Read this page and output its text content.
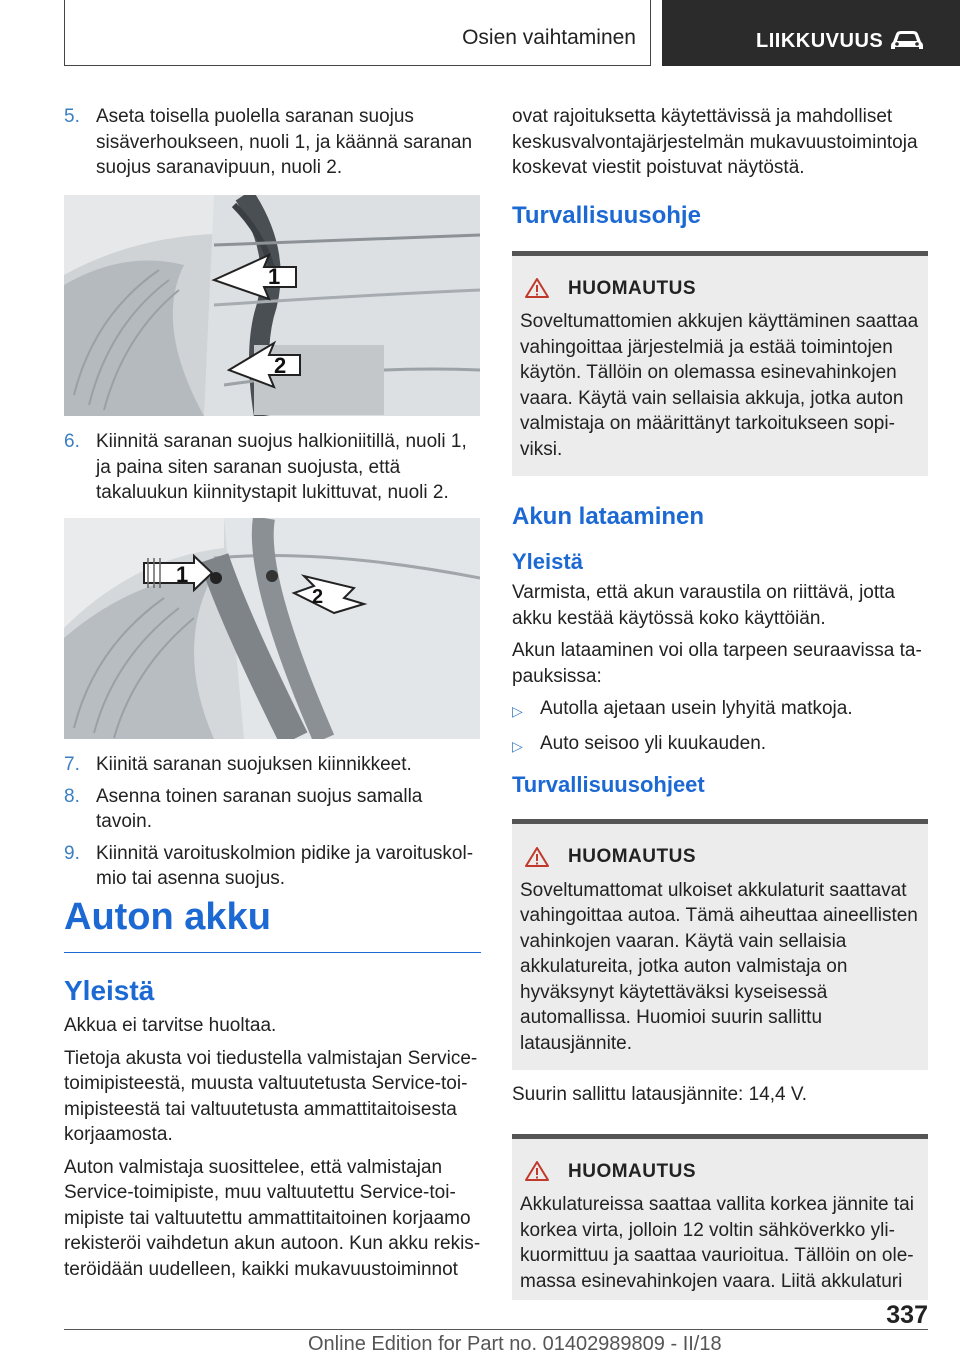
Osien vaihtaminen	LIIKKUVUUS
5. Aseta toisella puolella saranan suojus sisäverhoukseen, nuoli 1, ja käännä saranan suojus saranavipuun, nuoli 2.
1
2
6. Kiinnitä saranan suojus halkioniitillä, nuoli 1, ja paina siten saranan suojusta, että takaluukun kiinnitystapit lukittuvat, nuoli 2.
1
2
7. Kiinitä saranan suojuksen kiinnikkeet.
8. Asenna toinen saranan suojus samalla tavoin.
9. Kiinnitä varoituskolmion pidike ja varoituskolmio tai asenna suojus.
Auton akku
Yleistä

Akkua ei tarvitse huoltaa.

Tietoja akusta voi tiedustella valmistajan Service-toimipisteestä, muusta valtuutetusta Service-toimipisteestä tai valtuutetusta ammattitaitoisesta korjaamosta.

Auton valmistaja suosittelee, että valmistajan Service-toimipiste, muu valtuutettu Service-toimipiste tai valtuutettu ammattitaitoinen korjaamo rekisteröi vaihdetun akun autoon. Kun akku rekisteröidään uudelleen, kaikki mukavuustoiminnot

ovat rajoituksetta käytettävissä ja mahdolliset keskusvalvontajärjestelmän mukavuustoimintoja koskevat viestit poistuvat näytöstä.

Turvallisuusohje
HUOMAUTUS

Soveltumattomien akkujen käyttäminen saattaa vahingoittaa järjestelmiä ja estää toimintojen käytön. Tällöin on olemassa esinevahinkojen vaara. Käytä vain sellaisia akkuja, jotka auton valmistaja on määrittänyt tarkoitukseen sopiviksi.

Akun lataaminen
Yleistä

Varmista, että akun varaustila on riittävä, jotta akku kestää käytössä koko käyttöiän.

Akun lataaminen voi olla tarpeen seuraavissa tapauksissa:

▷ Autolla ajetaan usein lyhyitä matkoja.
▷ Auto seisoo yli kuukauden.
Turvallisuusohjeet
HUOMAUTUS

Soveltumattomat ulkoiset akkulaturit saattavat vahingoittaa autoa. Tämä aiheuttaa aineellisten vahinkojen vaaran. Käytä vain sellaisia akkulatureita, jotka auton valmistaja on hyväksynyt käytettäväksi kyseisessä automallissa. Huomioi suurin sallittu latausjännite.

Suurin sallittu latausjännite: 14,4 V.

HUOMAUTUS

Akkulatureissa saattaa vallita korkea jännite tai korkea virta, jolloin 12 voltin sähköverkko ylikuormittuu ja saattaa vaurioitua. Tällöin on olemassa esinevahinkojen vaara. Liitä akkulaturi

337
Online Edition for Part no. 01402989809 - II/18
